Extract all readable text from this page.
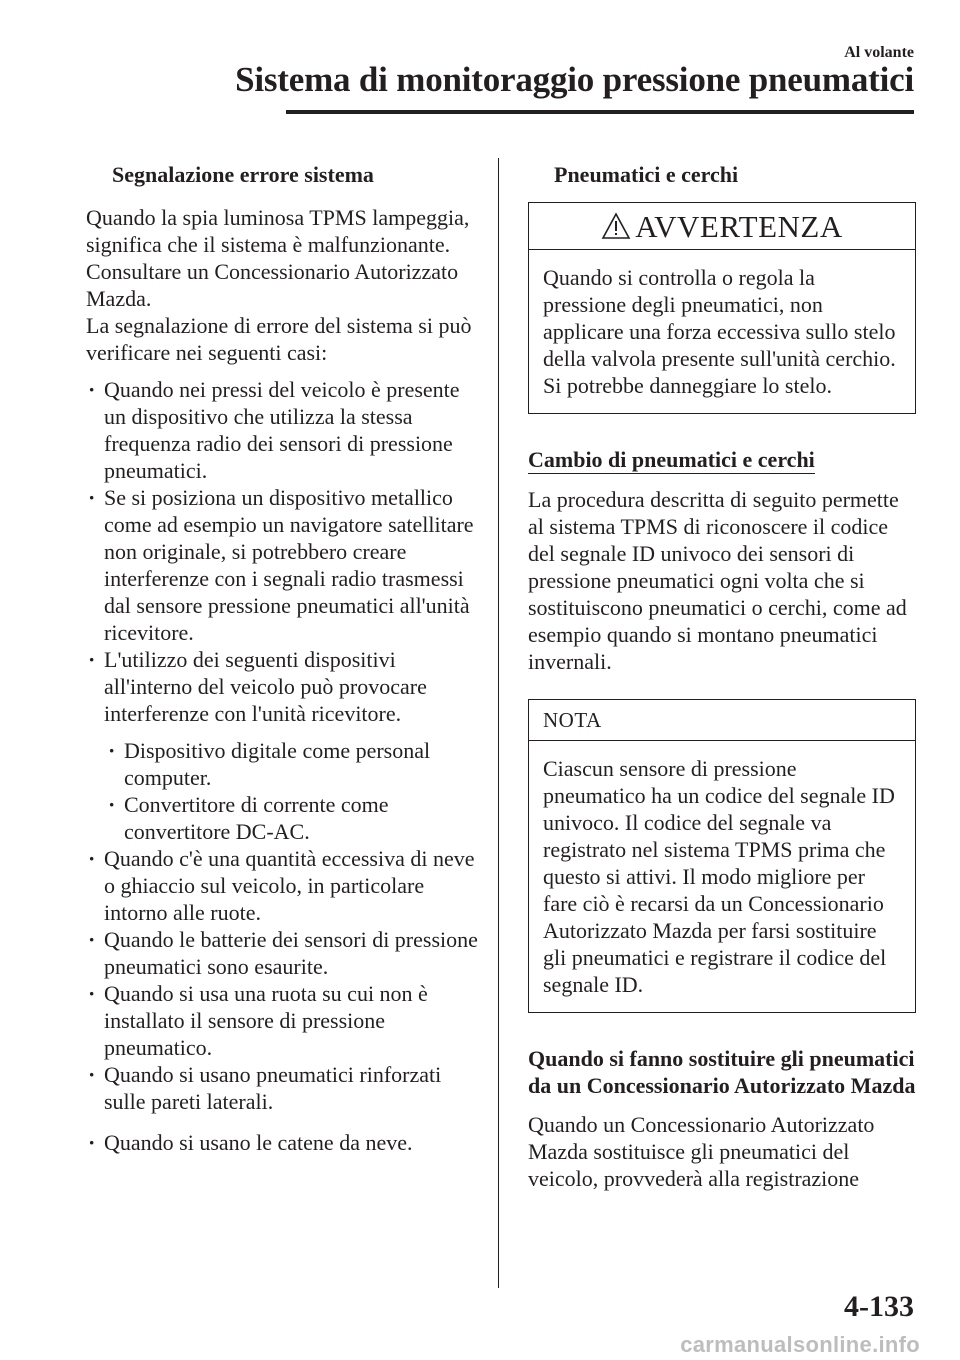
Al volante
Sistema di monitoraggio pressione pneumatici
Segnalazione errore sistema

Quando la spia luminosa TPMS lampeggia, significa che il sistema è malfunzionante. Consultare un Concessionario Autorizzato Mazda.

La segnalazione di errore del sistema si può verificare nei seguenti casi:

· Quando nei pressi del veicolo è presente un dispositivo che utilizza la stessa frequenza radio dei sensori di pressione pneumatici.
· Se si posiziona un dispositivo metallico come ad esempio un navigatore satellitare non originale, si potrebbero creare interferenze con i segnali radio trasmessi dal sensore pressione pneumatici all'unità ricevitore.
· L'utilizzo dei seguenti dispositivi all'interno del veicolo può provocare interferenze con l'unità ricevitore.
· Dispositivo digitale come personal computer.
· Convertitore di corrente come convertitore DC-AC.
· Quando c'è una quantità eccessiva di neve o ghiaccio sul veicolo, in particolare intorno alle ruote.
· Quando le batterie dei sensori di pressione pneumatici sono esaurite.
· Quando si usa una ruota su cui non è installato il sensore di pressione pneumatico.
· Quando si usano pneumatici rinforzati sulle pareti laterali.
· Quando si usano le catene da neve.
Pneumatici e cerchi
AVVERTENZA
Quando si controlla o regola la pressione degli pneumatici, non applicare una forza eccessiva sullo stelo della valvola presente sull'unità cerchio. Si potrebbe danneggiare lo stelo.
Cambio di pneumatici e cerchi

La procedura descritta di seguito permette al sistema TPMS di riconoscere il codice del segnale ID univoco dei sensori di pressione pneumatici ogni volta che si sostituiscono pneumatici o cerchi, come ad esempio quando si montano pneumatici invernali.

NOTA
Ciascun sensore di pressione pneumatico ha un codice del segnale ID univoco. Il codice del segnale va registrato nel sistema TPMS prima che questo si attivi. Il modo migliore per fare ciò è recarsi da un Concessionario Autorizzato Mazda per farsi sostituire gli pneumatici e registrare il codice del segnale ID.
Quando si fanno sostituire gli pneumatici da un Concessionario Autorizzato Mazda

Quando un Concessionario Autorizzato Mazda sostituisce gli pneumatici del veicolo, provvederà alla registrazione

4-133
carmanualsonline.info
